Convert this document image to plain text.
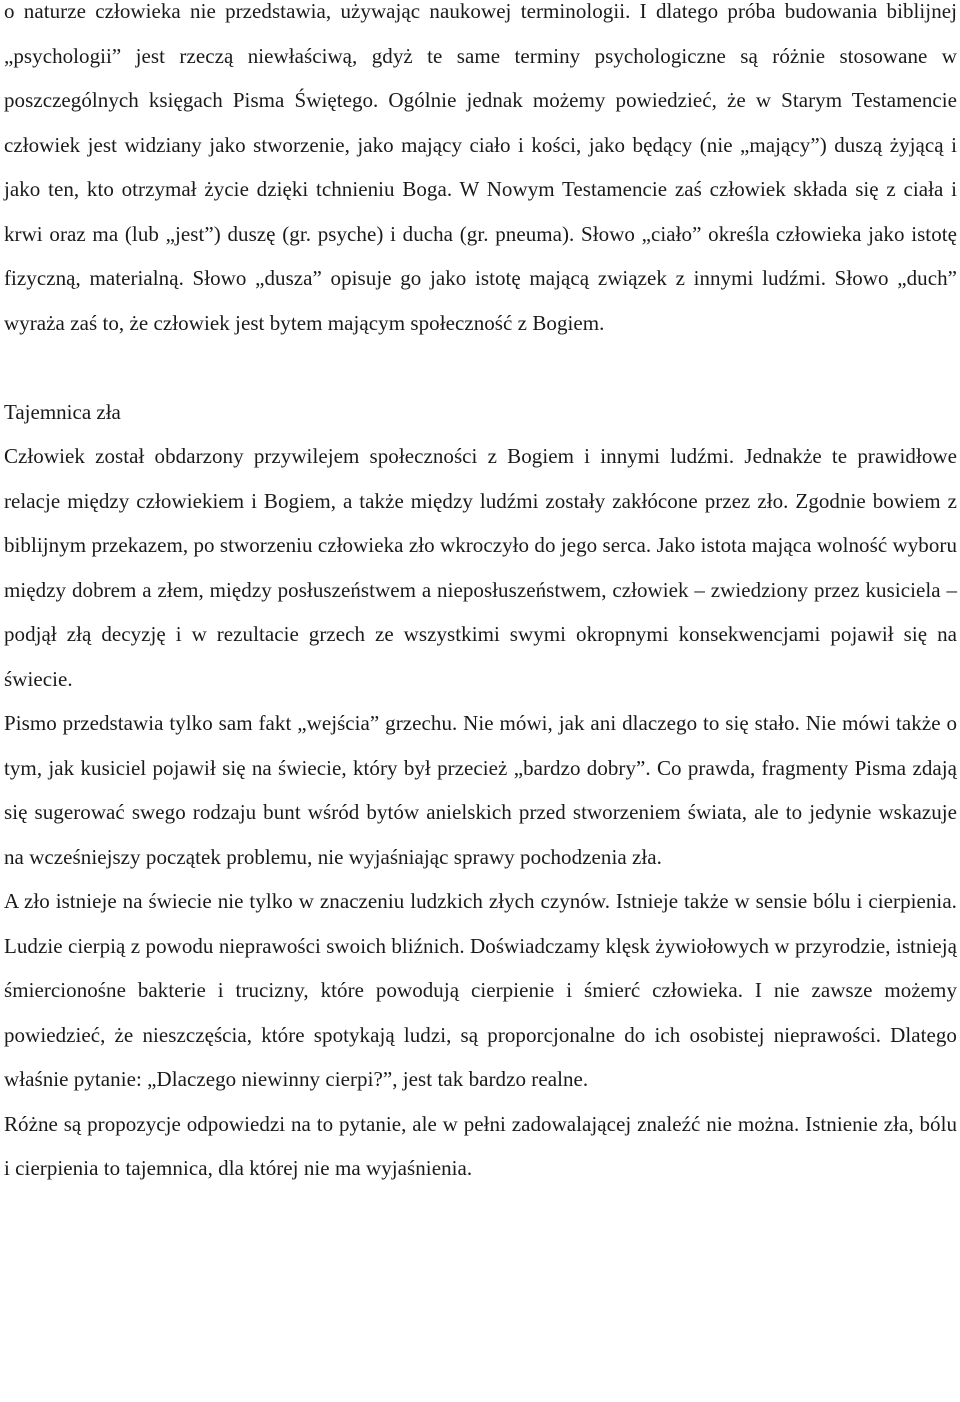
o naturze człowieka nie przedstawia, używając naukowej terminologii. I dlatego próba budowania biblijnej „psychologii” jest rzeczą niewłaściwą, gdyż te same terminy psychologiczne są różnie stosowane w poszczególnych księgach Pisma Świętego. Ogólnie jednak możemy powiedzieć, że w Starym Testamencie człowiek jest widziany jako stworzenie, jako mający ciało i kości, jako będący (nie „mający”) duszą żyjącą i jako ten, kto otrzymał życie dzięki tchnieniu Boga. W Nowym Testamencie zaś człowiek składa się z ciała i krwi oraz ma (lub „jest”) duszę (gr. psyche) i ducha (gr. pneuma). Słowo „ciało” określa człowieka jako istotę fizyczną, materialną. Słowo „dusza” opisuje go jako istotę mającą związek z innymi ludźmi. Słowo „duch” wyraża zaś to, że człowiek jest bytem mającym społeczność z Bogiem.

Tajemnica zła

Człowiek został obdarzony przywilejem społeczności z Bogiem i innymi ludźmi. Jednakże te prawidłowe relacje między człowiekiem i Bogiem, a także między ludźmi zostały zakłócone przez zło. Zgodnie bowiem z biblijnym przekazem, po stworzeniu człowieka zło wkroczyło do jego serca. Jako istota mająca wolność wyboru między dobrem a złem, między posłuszeństwem a nieposłuszeństwem, człowiek – zwiedziony przez kusiciela – podjął złą decyzję i w rezultacie grzech ze wszystkimi swymi okropnymi konsekwencjami pojawił się na świecie.

Pismo przedstawia tylko sam fakt „wejścia” grzechu. Nie mówi, jak ani dlaczego to się stało. Nie mówi także o tym, jak kusiciel pojawił się na świecie, który był przecież „bardzo dobry”. Co prawda, fragmenty Pisma zdają się sugerować swego rodzaju bunt wśród bytów anielskich przed stworzeniem świata, ale to jedynie wskazuje na wcześniejszy początek problemu, nie wyjaśniając sprawy pochodzenia zła.

A zło istnieje na świecie nie tylko w znaczeniu ludzkich złych czynów. Istnieje także w sensie bólu i cierpienia. Ludzie cierpią z powodu nieprawości swoich bliźnich. Doświadczamy klęsk żywiołowych w przyrodzie, istnieją śmiercionośne bakterie i trucizny, które powodują cierpienie i śmierć człowieka. I nie zawsze możemy powiedzieć, że nieszczęścia, które spotykają ludzi, są proporcjonalne do ich osobistej nieprawości. Dlatego właśnie pytanie: „Dlaczego niewinny cierpi?”, jest tak bardzo realne.

Różne są propozycje odpowiedzi na to pytanie, ale w pełni zadowalającej znaleźć nie można. Istnienie zła, bólu i cierpienia to tajemnica, dla której nie ma wyjaśnienia.
